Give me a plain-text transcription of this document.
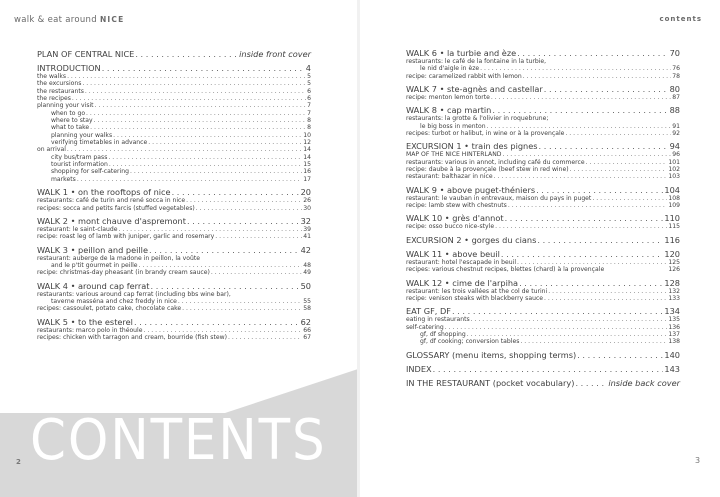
walk & eat around NICE
PLAN OF CENTRAL NICE . . .	inside front cover
INTRODUCTION . . .	4
the walks . . .	5
the excursions . . .	5
the restaurants . . .	6
the recipes . . .	6
planning your visit . . .	7
when to go . . .	7
where to stay . . .	8
what to take . . .	8
planning your walks . . .	10
verifying timetables in advance . . .	12
on arrival . . .	14
city bus/tram pass . . .	14
tourist information . . .	15
shopping for self-catering . . .	16
markets . . .	17
WALK 1 • on the rooftops of nice . . .	20
restaurants: café de turin and rené socca in nice . . .	26
recipes: socca and petits farcis (stuffed vegetables) . . .	30
WALK 2 • mont chauve d'aspremont . . .	32
restaurant: le saint-claude . . .	39
recipe: roast leg of lamb with juniper, garlic and rosemary . . .	41
WALK 3 • peillon and peille . . .	42
restaurant: auberge de la madone in peillon, la voûte
and le p'tit gourmet in peille . . .	48
recipe: christmas-day pheasant (in brandy cream sauce) . . .	49
WALK 4 • around cap ferrat . . .	50
restaurants: various around cap ferrat (including bbs wine bar),
taverne masséna and chez freddy in nice . . .	55
recipes: cassoulet, potato cake, chocolate cake . . .	58
WALK 5 • to the esterel . . .	62
restaurants: marco polo in théoule . . .	66
recipes: chicken with tarragon and cream, bourride (fish stew) . . .	67
CONTENTS
2
contents
WALK 6 • la turbie and èze . . .	70
restaurants: le café de la fontaine in la turbie,
le nid d'aigle in èze . . .	76
recipe: caramelized rabbit with lemon . . .	78
WALK 7 • ste-agnès and castellar . . .	80
recipe: menton lemon torte . . .	87
WALK 8 • cap martin . . .	88
restaurants: la grotte & l'olivier in roquebrune;
le big boss in menton . . .	91
recipes: turbot or halibut, in wine or à la provençale . . .	92
EXCURSION 1 • train des pignes . . .	94
MAP OF THE NICE HINTERLAND . . .	96
restaurants: various in annot, including café du commerce . . .	101
recipe: daube à la provençale (beef stew in red wine) . . .	102
restaurant: balthazar in nice . . .	103
WALK 9 • above puget-théniers . . .	104
restaurant: le vauban in entrevaux, maison du pays in puget . . .	108
recipe: lamb stew with chestnuts . . .	109
WALK 10 • grès d'annot . . .	110
recipe: osso bucco nice-style . . .	115
EXCURSION 2 • gorges du cians . . .	116
WALK 11 • above beuil . . .	120
restaurant: hotel l'escapade in beuil . . .	125
recipes: various chestnut recipes, blettes (chard) à la provençale	126
WALK 12 • cime de l'arpiha . . .	128
restaurant: les trois vallées at the col de turini . . .	132
recipe: venison steaks with blackberry sauce . . .	133
EAT GF, DF . . .	134
eating in restaurants . . .	135
self-catering . . .	136
gf, df shopping . . .	137
gf, df cooking; conversion tables . . .	138
GLOSSARY (menu items, shopping terms) . . .	140
INDEX . . .	143
IN THE RESTAURANT (pocket vocabulary) . . .	inside back cover
3
